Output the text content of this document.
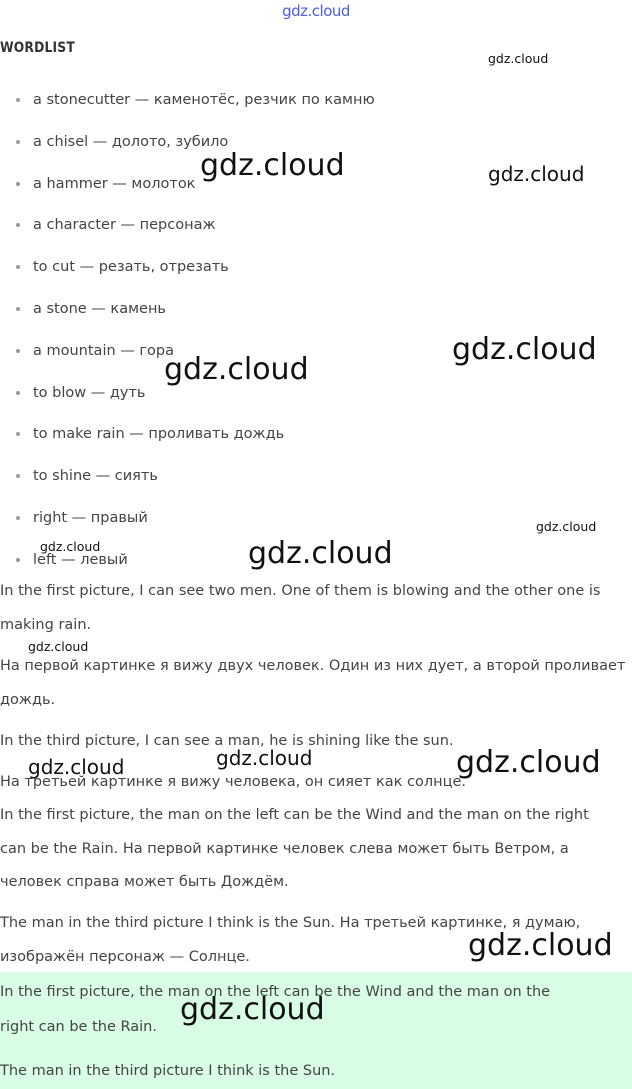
gdz.cloud
WORDLIST
a stonecutter — каменотёс, резчик по камню
a chisel — долото, зубило
a hammer — молоток
a character — персонаж
to cut — резать, отрезать
a stone — камень
a mountain — гора
to blow — дуть
to make rain — проливать дождь
to shine — сиять
right — правый
left — левый
In the first picture, I can see two men. One of them is blowing and the other one is
making rain.
На первой картинке я вижу двух человек. Один из них дует, а второй проливает
дождь.
In the third picture, I can see a man, he is shining like the sun.
На третьей картинке я вижу человека, он сияет как солнце.
In the first picture, the man on the left can be the Wind and the man on the right
can be the Rain. На первой картинке человек слева может быть Ветром, а
человек справа может быть Дождём.
The man in the third picture I think is the Sun. На третьей картинке, я думаю,
изображён персонаж — Солнце.
In the first picture, the man on the left can be the Wind and the man on the
right can be the Rain.
The man in the third picture I think is the Sun.
gdz.cloud
gdz.cloud	gdz.cloud
gdz.cloud
gdz.cloud
gdz.cloud
gdz.cloud	gdz.cloud
gdz.cloud
gdz.cloud
gdz.cloud	gdz.cloud
gdz.cloud
gdz.cloud
